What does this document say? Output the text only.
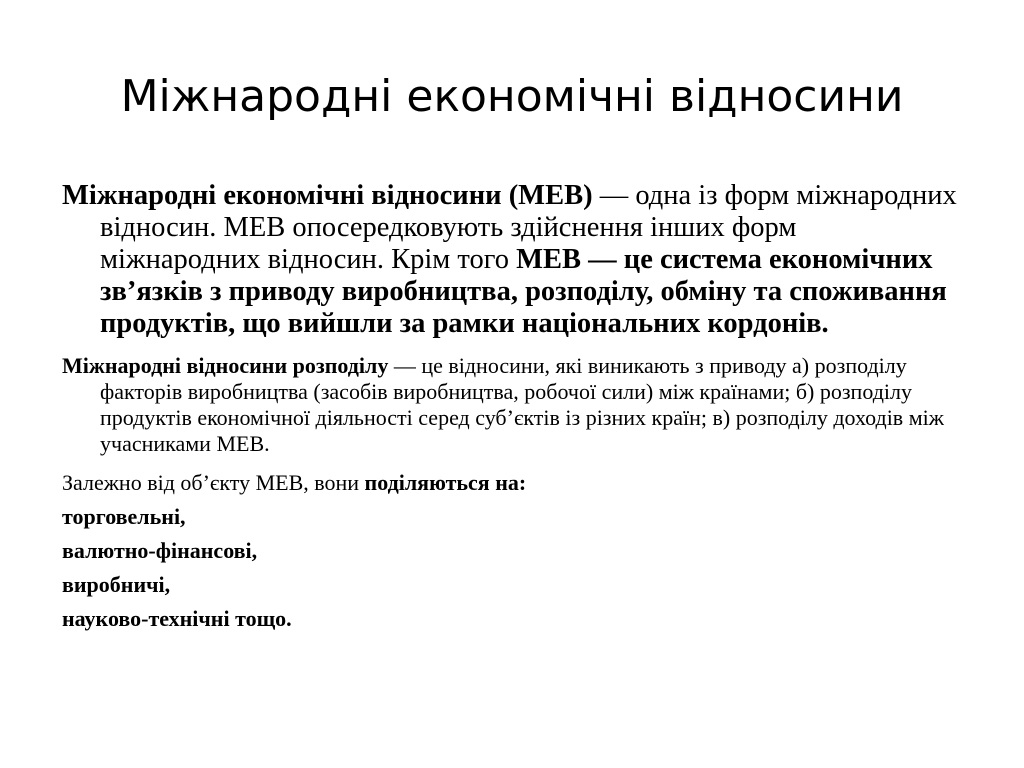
Міжнародні економічні відносини

Міжнародні економічні відносини (МЕВ) — одна із форм міжнародних відносин. МЕВ опосередковують здійснення інших форм міжнародних відносин. Крім того МЕВ — це система економічних зв’язків з приводу виробництва, розподілу, обміну та споживання продуктів, що вийшли за рамки національних кордонів.

Міжнародні відносини розподілу — це відносини, які виникають з приводу а) розподілу факторів виробництва (засобів виробництва, робочої сили) між країнами; б) розподілу продуктів економічної діяльності серед суб’єктів із різних країн; в) розподілу доходів між учасниками МЕВ.

Залежно від об’єкту МЕВ, вони поділяються на:

торговельні,

валютно-фінансові,

виробничі,

науково-технічні тощо.
